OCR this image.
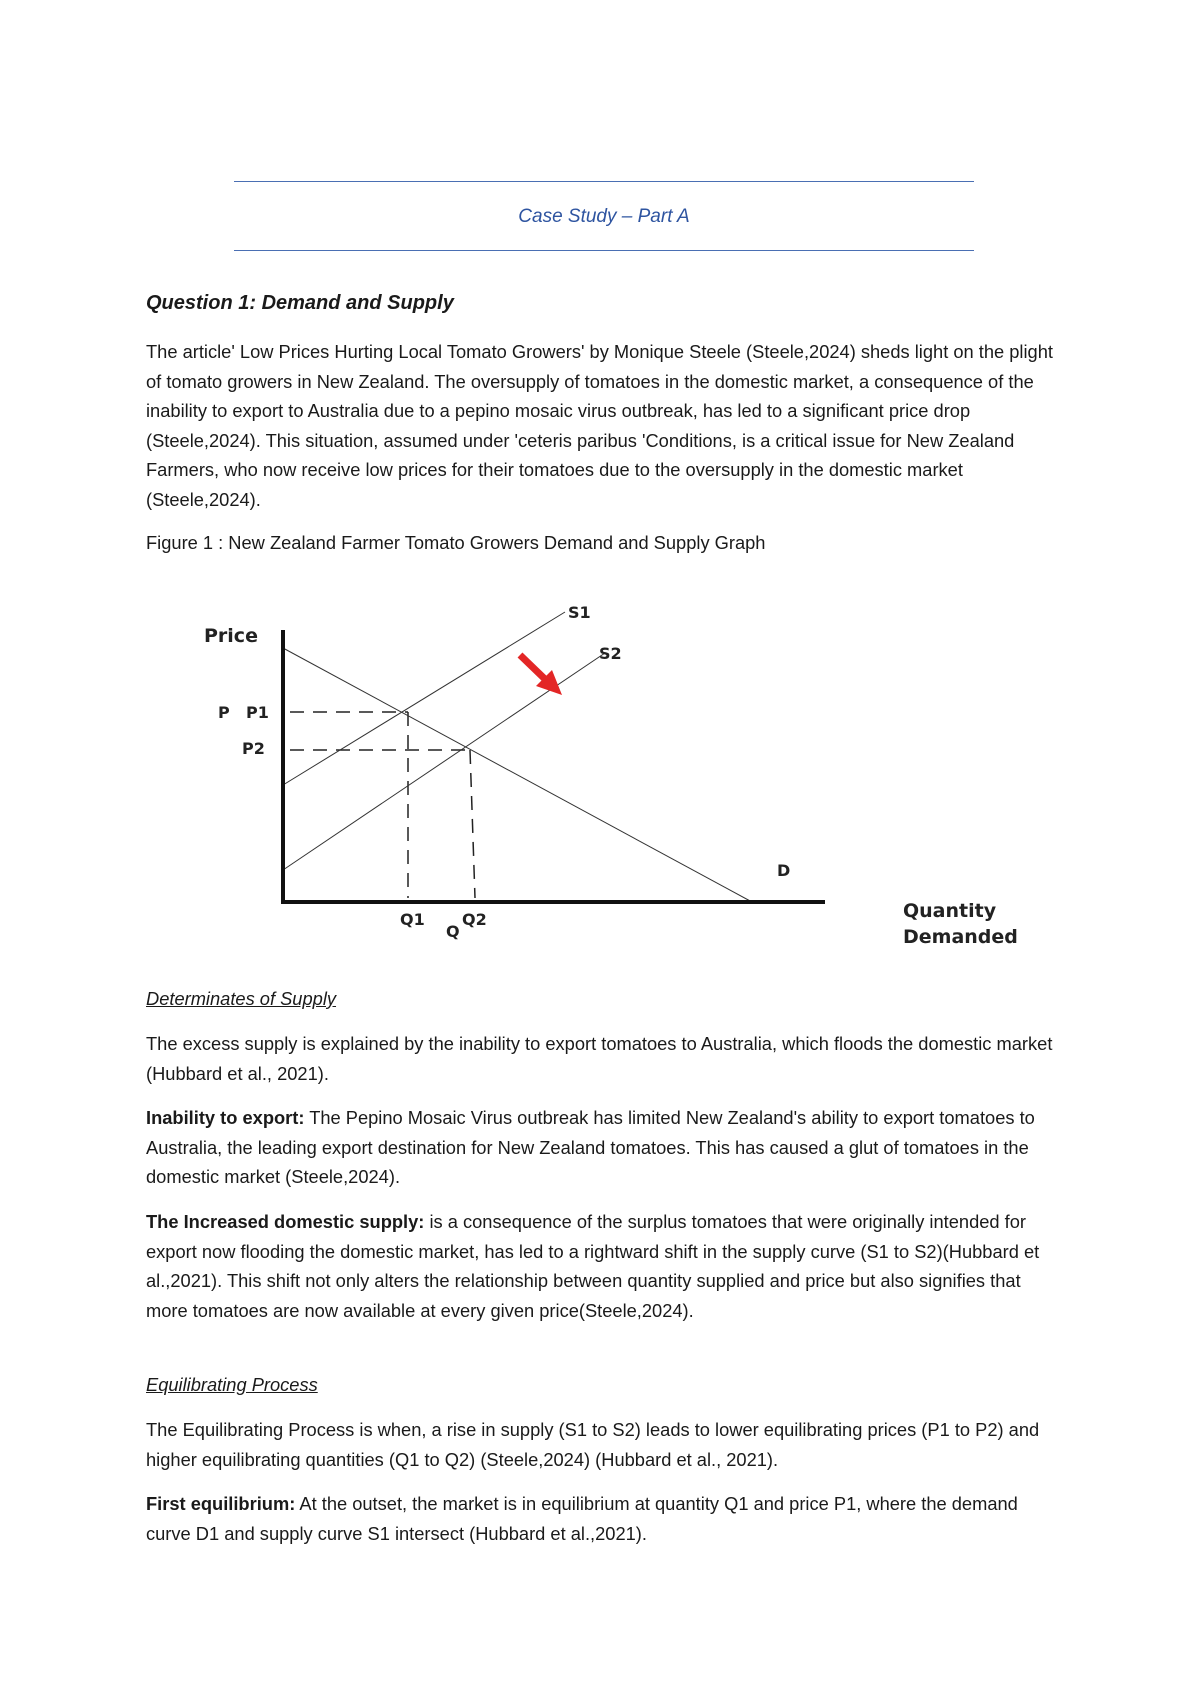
Case Study – Part A
Question 1: Demand and Supply

The article' Low Prices Hurting Local Tomato Growers' by Monique Steele (Steele,2024) sheds light on the plight of tomato growers in New Zealand. The oversupply of tomatoes in the domestic market, a consequence of the inability to export to Australia due to a pepino mosaic virus outbreak, has led to a significant price drop (Steele,2024). This situation, assumed under 'ceteris paribus 'Conditions, is a critical issue for New Zealand Farmers, who now receive low prices for their tomatoes due to the oversupply in the domestic market (Steele,2024).

Figure 1 : New Zealand Farmer Tomato Growers Demand and Supply Graph
Price
P P1
P2
S1
S2
D
Q1 Q2
Q
Quantity
Demanded
Determinates of Supply

The excess supply is explained by the inability to export tomatoes to Australia, which floods the domestic market (Hubbard et al., 2021).

Inability to export: The Pepino Mosaic Virus outbreak has limited New Zealand's ability to export tomatoes to Australia, the leading export destination for New Zealand tomatoes. This has caused a glut of tomatoes in the domestic market (Steele,2024).

The Increased domestic supply: is a consequence of the surplus tomatoes that were originally intended for export now flooding the domestic market, has led to a rightward shift in the supply curve (S1 to S2)(Hubbard et al.,2021). This shift not only alters the relationship between quantity supplied and price but also signifies that more tomatoes are now available at every given price(Steele,2024).

Equilibrating Process

The Equilibrating Process is when, a rise in supply (S1 to S2) leads to lower equilibrating prices (P1 to P2) and higher equilibrating quantities (Q1 to Q2) (Steele,2024) (Hubbard et al., 2021).

First equilibrium: At the outset, the market is in equilibrium at quantity Q1 and price P1, where the demand curve D1 and supply curve S1 intersect (Hubbard et al.,2021).
